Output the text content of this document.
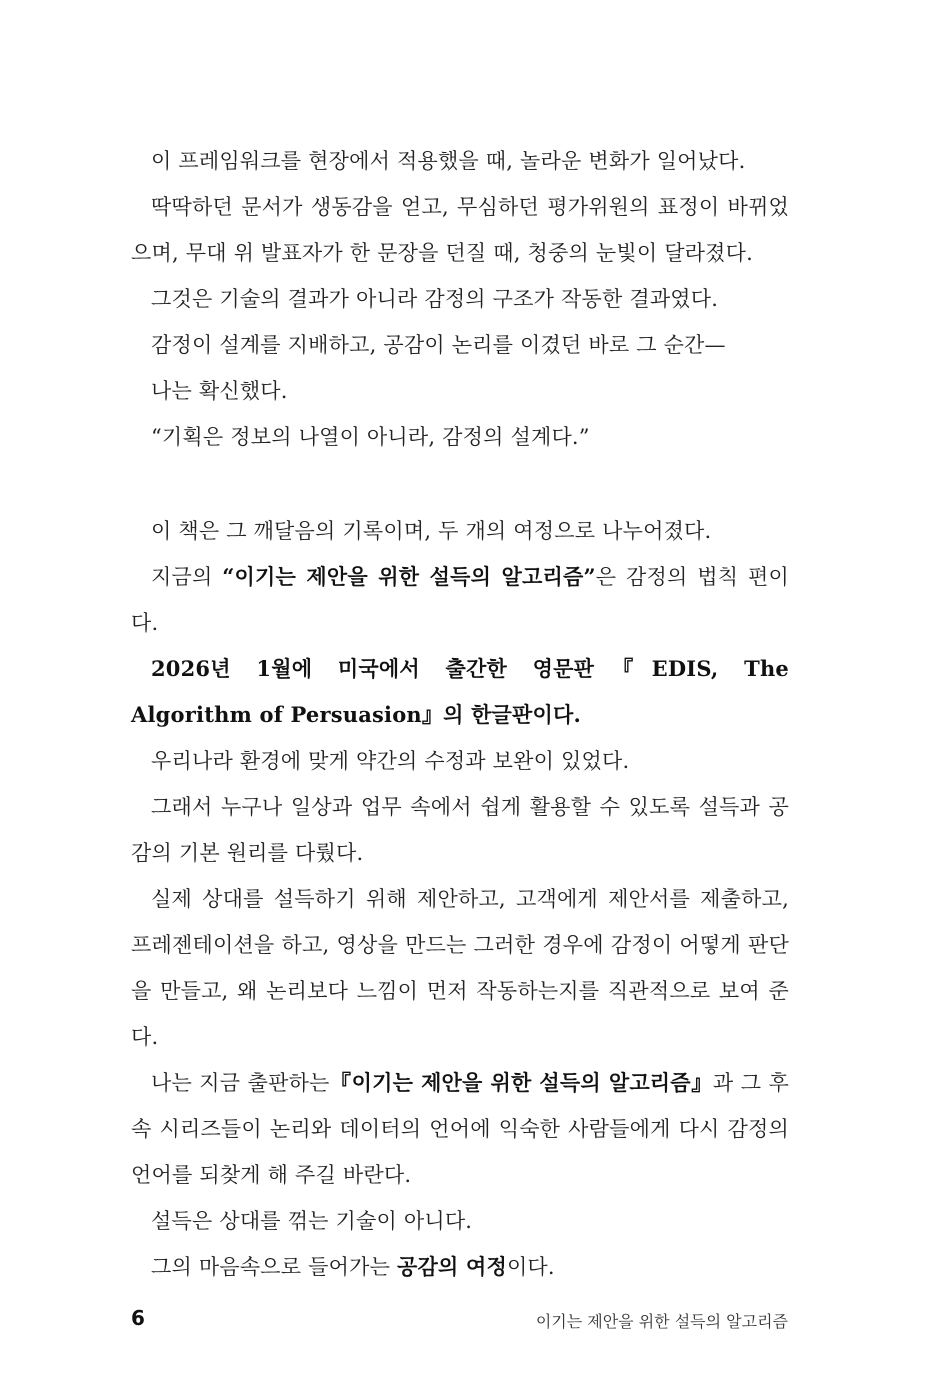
이 프레임워크를 현장에서 적용했을 때, 놀라운 변화가 일어났다.

딱딱하던 문서가 생동감을 얻고, 무심하던 평가위원의 표정이 바뀌었으며, 무대 위 발표자가 한 문장을 던질 때, 청중의 눈빛이 달라졌다.

그것은 기술의 결과가 아니라 감정의 구조가 작동한 결과였다.

감정이 설계를 지배하고, 공감이 논리를 이겼던 바로 그 순간—

나는 확신했다.

“기획은 정보의 나열이 아니라, 감정의 설계다.”

이 책은 그 깨달음의 기록이며, 두 개의 여정으로 나누어졌다.

지금의 “이기는 제안을 위한 설득의 알고리즘”은 감정의 법칙 편이다.

2026년 1월에 미국에서 출간한 영문판『EDIS, The Algorithm of Persuasion』의 한글판이다.

우리나라 환경에 맞게 약간의 수정과 보완이 있었다.

그래서 누구나 일상과 업무 속에서 쉽게 활용할 수 있도록 설득과 공감의 기본 원리를 다뤘다.

실제 상대를 설득하기 위해 제안하고, 고객에게 제안서를 제출하고, 프레젠테이션을 하고, 영상을 만드는 그러한 경우에 감정이 어떻게 판단을 만들고, 왜 논리보다 느낌이 먼저 작동하는지를 직관적으로 보여 준다.

나는 지금 출판하는『이기는 제안을 위한 설득의 알고리즘』과 그 후속 시리즈들이 논리와 데이터의 언어에 익숙한 사람들에게 다시 감정의 언어를 되찾게 해 주길 바란다.

설득은 상대를 꺾는 기술이 아니다.

그의 마음속으로 들어가는 공감의 여정이다.

6	이기는 제안을 위한 설득의 알고리즘
